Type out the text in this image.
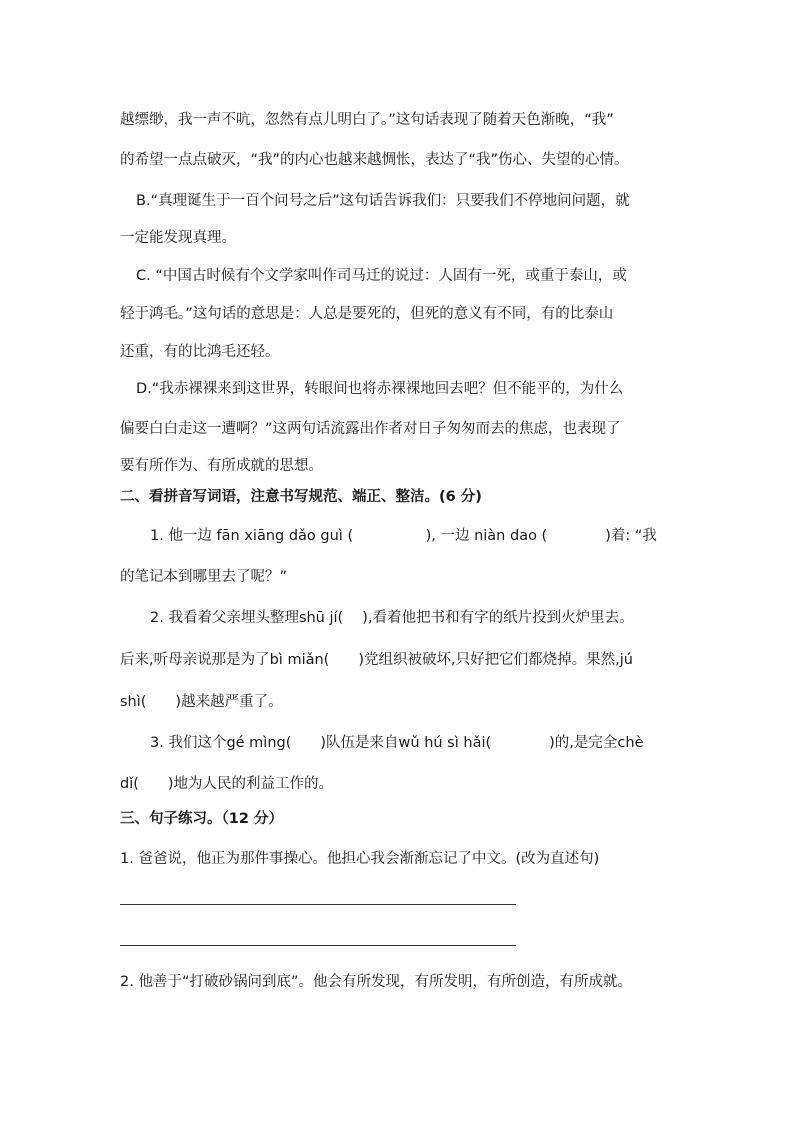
越缥缈，我一声不吭，忽然有点儿明白了。”这句话表现了随着天色渐晚，“我”
的希望一点点破灭，“我”的内心也越来越惆怅，表达了“我”伤心、失望的心情。
B.“真理诞生于一百个问号之后”这句话告诉我们：只要我们不停地问问题，就
一定能发现真理。
C. “中国古时候有个文学家叫作司马迁的说过：人固有一死，或重于泰山，或
轻于鸿毛。”这句话的意思是：人总是要死的，但死的意义有不同，有的比泰山
还重，有的比鸿毛还轻。
D.“我赤裸裸来到这世界，转眼间也将赤裸裸地回去吧？但不能平的，为什么
偏要白白走这一遭啊？”这两句话流露出作者对日子匆匆而去的焦虑，也表现了
要有所作为、有所成就的思想。
二、看拼音写词语，注意书写规范、端正、整洁。(6 分)
1. 他一边 fān xiāng dǎo guì (　　　　　), 一边 niàn dao (　　　　)着: “我
的笔记本到哪里去了呢？”
2. 我看着父亲埋头整理shū jí(　 ),看着他把书和有字的纸片投到火炉里去。
后来,听母亲说那是为了bì miǎn(　　)党组织被破坏,只好把它们都烧掉。果然,jú
shì(　　)越来越严重了。
3. 我们这个gé mìng(　　)队伍是来自wǔ hú sì hǎi(　　　　)的,是完全chè
dǐ(　　)地为人民的利益工作的。
三、句子练习。（12 分）
1. 爸爸说，他正为那件事操心。他担心我会渐渐忘记了中文。(改为直述句)
2. 他善于“打破砂锅问到底”。他会有所发现，有所发明，有所创造，有所成就。
